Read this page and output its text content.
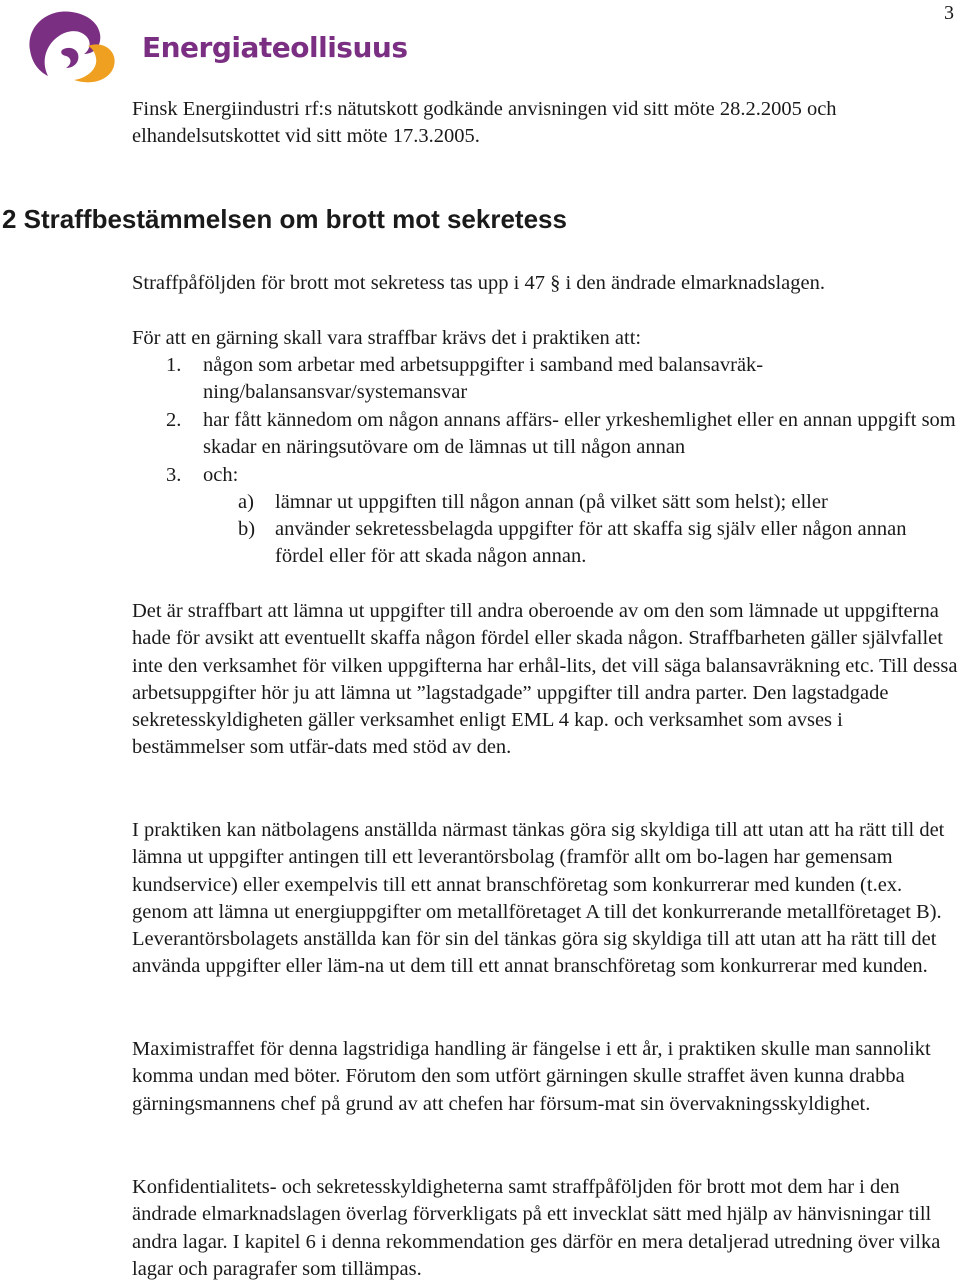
Energiateollisuus
3

Finsk Energiindustri rf:s nätutskott godkände anvisningen vid sitt möte 28.2.2005 och elhandelsutskottet vid sitt möte 17.3.2005.

2 Straffbestämmelsen om brott mot sekretess

Straffpåföljden för brott mot sekretess tas upp i 47 § i den ändrade elmarknadslagen.

För att en gärning skall vara straffbar krävs det i praktiken att:

1. någon som arbetar med arbetsuppgifter i samband med balansavräk-ning/balansansvar/systemansvar
2. har fått kännedom om någon annans affärs- eller yrkeshemlighet eller en annan uppgift som skadar en näringsutövare om de lämnas ut till någon annan
3. och:
a) lämnar ut uppgiften till någon annan (på vilket sätt som helst); eller
b) använder sekretessbelagda uppgifter för att skaffa sig själv eller någon annan fördel eller för att skada någon annan.

Det är straffbart att lämna ut uppgifter till andra oberoende av om den som lämnade ut uppgifterna hade för avsikt att eventuellt skaffa någon fördel eller skada någon. Straffbarheten gäller självfallet inte den verksamhet för vilken uppgifterna har erhål-lits, det vill säga balansavräkning etc. Till dessa arbetsuppgifter hör ju att lämna ut ”lagstadgade” uppgifter till andra parter. Den lagstadgade sekretesskyldigheten gäller verksamhet enligt EML 4 kap. och verksamhet som avses i bestämmelser som utfär-dats med stöd av den.

I praktiken kan nätbolagens anställda närmast tänkas göra sig skyldiga till att utan att ha rätt till det lämna ut uppgifter antingen till ett leverantörsbolag (framför allt om bo-lagen har gemensam kundservice) eller exempelvis till ett annat branschföretag som konkurrerar med kunden (t.ex. genom att lämna ut energiuppgifter om metallföretaget A till det konkurrerande metallföretaget B). Leverantörsbolagets anställda kan för sin del tänkas göra sig skyldiga till att utan att ha rätt till det använda uppgifter eller läm-na ut dem till ett annat branschföretag som konkurrerar med kunden.

Maximistraffet för denna lagstridiga handling är fängelse i ett år, i praktiken skulle man sannolikt komma undan med böter. Förutom den som utfört gärningen skulle straffet även kunna drabba gärningsmannens chef på grund av att chefen har försum-mat sin övervakningsskyldighet.

Konfidentialitets- och sekretesskyldigheterna samt straffpåföljden för brott mot dem har i den ändrade elmarknadslagen överlag förverkligats på ett invecklat sätt med hjälp av hänvisningar till andra lagar. I kapitel 6 i denna rekommendation ges därför en mera detaljerad utredning över vilka lagar och paragrafer som tillämpas.
